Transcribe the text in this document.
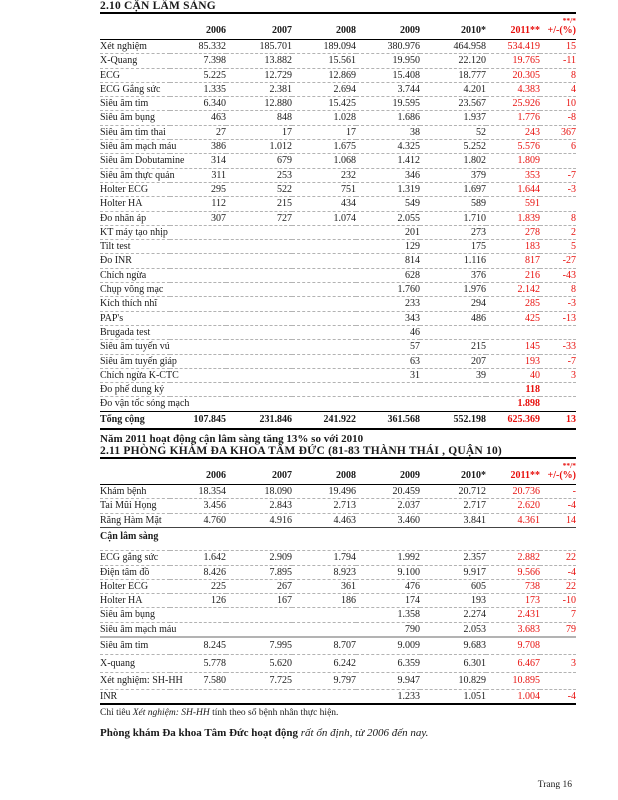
2.10 CẬN LÂM SÀNG
							**/*
	2006	2007	2008	2009	2010*	2011**	+/-(%)
Xét nghiệm	85.332	185.701	189.094	380.976	464.958	534.419	15
X-Quang	7.398	13.882	15.561	19.950	22.120	19.765	-11
ECG	5.225	12.729	12.869	15.408	18.777	20.305	8
ECG Gắng sức	1.335	2.381	2.694	3.744	4.201	4.383	4
Siêu âm tim	6.340	12.880	15.425	19.595	23.567	25.926	10
Siêu âm bụng	463	848	1.028	1.686	1.937	1.776	-8
Siêu âm tim thai	27	17	17	38	52	243	367
Siêu âm mạch máu	386	1.012	1.675	4.325	5.252	5.576	6
Siêu âm Dobutamine	314	679	1.068	1.412	1.802	1.809	
Siêu âm thực quản	311	253	232	346	379	353	-7
Holter ECG	295	522	751	1.319	1.697	1.644	-3
Holter HA	112	215	434	549	589	591	
Đo nhãn áp	307	727	1.074	2.055	1.710	1.839	8
KT máy tạo nhịp				201	273	278	2
Tilt test				129	175	183	5
Đo INR				814	1.116	817	-27
Chích ngừa				628	376	216	-43
Chụp võng mạc				1.760	1.976	2.142	8
Kích thích nhĩ				233	294	285	-3
PAP's				343	486	425	-13
Brugada test				46			
Siêu âm tuyến vú				57	215	145	-33
Siêu âm tuyến giáp				63	207	193	-7
Chích ngừa K-CTC				31	39	40	3
Đo phế dung ký						118	
Đo vận tốc sóng mạch						1.898	
Tổng cộng	107.845	231.846	241.922	361.568	552.198	625.369	13

Năm 2011 hoạt động cận lâm sàng tăng 13% so với 2010

2.11 PHÒNG KHÁM ĐA KHOA TÂM ĐỨC (81-83 THÀNH THÁI , QUẬN 10)
							**/*
	2006	2007	2008	2009	2010*	2011**	+/-(%)
Khám bệnh	18.354	18.090	19.496	20.459	20.712	20.736	-
Tai Mũi Họng	3.456	2.843	2.713	2.037	2.717	2.620	-4
Răng Hàm Mặt	4.760	4.916	4.463	3.460	3.841	4.361	14
Cận lâm sàng							
ECG gắng sức	1.642	2.909	1.794	1.992	2.357	2.882	22
Điện tâm đồ	8.426	7.895	8.923	9.100	9.917	9.566	-4
Holter ECG	225	267	361	476	605	738	22
Holter HA	126	167	186	174	193	173	-10
Siêu âm bụng				1.358	2.274	2.431	7
Siêu âm mạch máu				790	2.053	3.683	79
Siêu âm tim	8.245	7.995	8.707	9.009	9.683	9.708	
X-quang	5.778	5.620	6.242	6.359	6.301	6.467	3
Xét nghiệm: SH-HH	7.580	7.725	9.797	9.947	10.829	10.895	
INR				1.233	1.051	1.004	-4

Chỉ tiêu Xét nghiệm: SH-HH tính theo số bệnh nhân thực hiện.

Phòng khám Đa khoa Tâm Đức hoạt động rất ổn định, từ 2006 đến nay.

Trang 16
